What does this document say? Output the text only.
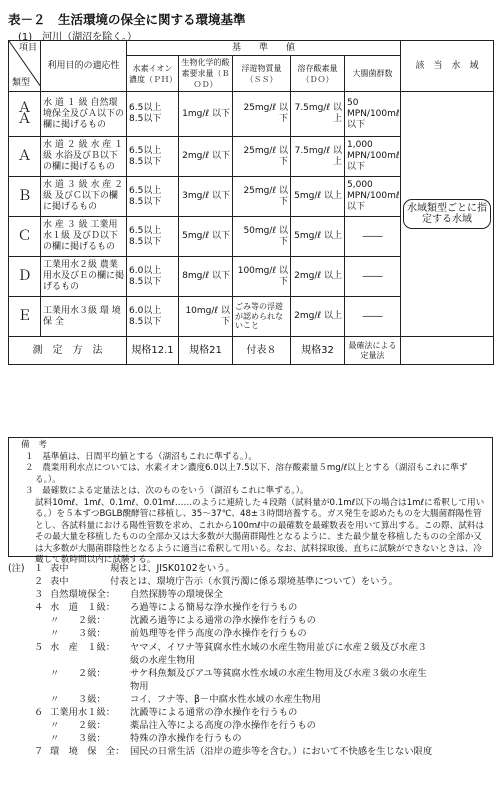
表－２　生活環境の保全に関する環境基準
(1)　河川（湖沼を除く。）
項目
類型	利用目的の適応性	基　　準　　値					該　当　水　域
		水素イオン濃度（ＰＨ）	生物化学的酸素要求量（ＢＯＤ）	浮遊物質量（ＳＳ）	溶存酸素量（ＤＯ）	大腸菌群数	
ＡＡ	水 道 １ 級 自然環境保全及びＡ以下の欄に掲げるもの	6.5以上 8.5以下	1mg/ℓ 以下	25mg/ℓ 以下	7.5mg/ℓ 以上	50 MPN/100mℓ 以下	水域類型ごとに指定する水域
Ａ	水 道 ２ 級 水 産 １ 級 水浴及びＢ以下の欄に掲げるもの	6.5以上 8.5以下	2mg/ℓ 以下	25mg/ℓ 以下	7.5mg/ℓ 以上	1,000 MPN/100mℓ 以下	
Ｂ	水 道 ３ 級 水 産 ２ 級 及びＣ以下の欄に掲げるもの	6.5以上 8.5以下	3mg/ℓ 以下	25mg/ℓ 以下	5mg/ℓ 以上	5,000 MPN/100mℓ 以下	
Ｃ	水 産 ３ 級 工業用水１級 及びＤ以下の欄に掲げるもの	6.5以上 8.5以下	5mg/ℓ 以下	50mg/ℓ 以下	5mg/ℓ 以上	――	
Ｄ	工業用水２級 農業用水及びＥの欄に掲げるもの	6.0以上 8.5以下	8mg/ℓ 以下	100mg/ℓ 以下	2mg/ℓ 以上	――	
Ｅ	工業用水３級 環 境 保 全	6.0以上 8.5以下	10mg/ℓ 以下	ごみ等の浮遊が認められないこと	2mg/ℓ 以上	――	
測　定　方　法		規格12.1	規格21	付表８	規格32	最確法による定量法	
備　考
１　基準値は、日間平均値とする（湖沼もこれに準ずる。）。
２　農業用利水点については、水素イオン濃度6.0以上7.5以下、溶存酸素量５mg/ℓ以上とする（湖沼もこれに準ずる。）。
３　最確数による定量法とは、次のものをいう（湖沼もこれに準ずる。）。
試料10mℓ、1mℓ、0.1mℓ、0.01mℓ……のように連続した４段階（試料量が0.1mℓ以下の場合は1mℓに希釈して用いる。）を５本ずつBGLB醗酵管に移植し、35～37℃、48±３時間培養する。ガス発生を認めたものを大腸菌群陽性管とし、各試料量における陽性管数を求め、これから100mℓ中の最確数を最確数表を用いて算出する。この際、試料はその最大量を移植したものの全部か又は大多数が大腸菌群陽性となるように、また最少量を移植したものの全部か又は大多数が大腸菌群陰性となるように適当に希釈して用いる。なお、試料採取後、直ちに試験ができないときは、冷蔵して数時間以内に試験する。
(注)	１ 表中	規格とは、JISK0102をいう。
２ 表中	付表とは、環境庁告示（水質汚濁に係る環境基準について）をいう。
３ 自然環境保全：	自然探勝等の環境保全
４ 水　道　１級：	ろ過等による簡易な浄水操作を行うもの
〃　　２級：	沈澱ろ過等による通常の浄水操作を行うもの
〃　　３級：	前処理等を伴う高度の浄水操作を行うもの
５ 水　産　１級：	ヤマメ、イワナ等貧腐水性水域の水産生物用並びに水産２級及び水産３
級の水産生物用
〃　　２級：	サケ科魚類及びアユ等貧腐水性水域の水産生物用及び水産３級の水産生
物用
〃　　３級：	コイ、フナ等、β－中腐水性水域の水産生物用
６ 工業用水１級：	沈澱等による通常の浄水操作を行うもの
〃　　２級：	薬品注入等による高度の浄水操作を行うもの
〃　　３級：	特殊の浄水操作を行うもの
７ 環　境　保　全： 国民の日常生活（沿岸の遊歩等を含む。）において不快感を生じない限度
